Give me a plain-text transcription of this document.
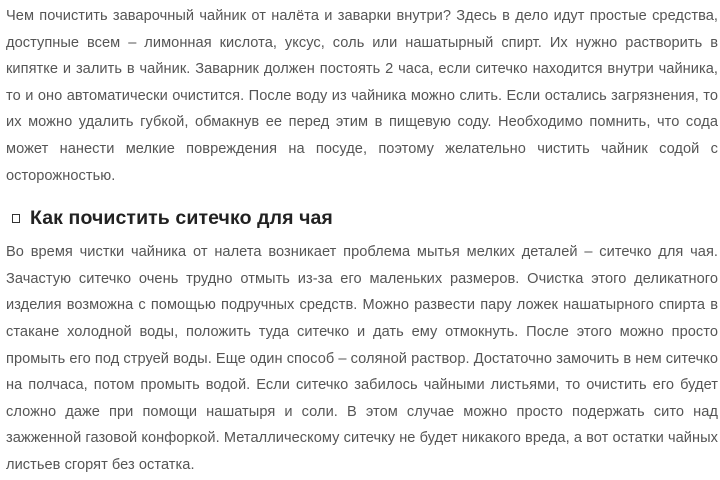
Чем почистить заварочный чайник от налёта и заварки внутри? Здесь в дело идут простые средства, доступные всем – лимонная кислота, уксус, соль или нашатырный спирт. Их нужно растворить в кипятке и залить в чайник. Заварник должен постоять 2 часа, если ситечко находится внутри чайника, то и оно автоматически очистится. После воду из чайника можно слить. Если остались загрязнения, то их можно удалить губкой, обмакнув ее перед этим в пищевую соду. Необходимо помнить, что сода может нанести мелкие повреждения на посуде, поэтому желательно чистить чайник содой с осторожностью.

Как почистить ситечко для чая

Во время чистки чайника от налета возникает проблема мытья мелких деталей – ситечко для чая. Зачастую ситечко очень трудно отмыть из-за его маленьких размеров. Очистка этого деликатного изделия возможна с помощью подручных средств. Можно развести пару ложек нашатырного спирта в стакане холодной воды, положить туда ситечко и дать ему отмокнуть. После этого можно просто промыть его под струей воды. Еще один способ – соляной раствор. Достаточно замочить в нем ситечко на полчаса, потом промыть водой. Если ситечко забилось чайными листьями, то очистить его будет сложно даже при помощи нашатыря и соли. В этом случае можно просто подержать сито над зажженной газовой конфоркой. Металлическому ситечку не будет никакого вреда, а вот остатки чайных листьев сгорят без остатка.
